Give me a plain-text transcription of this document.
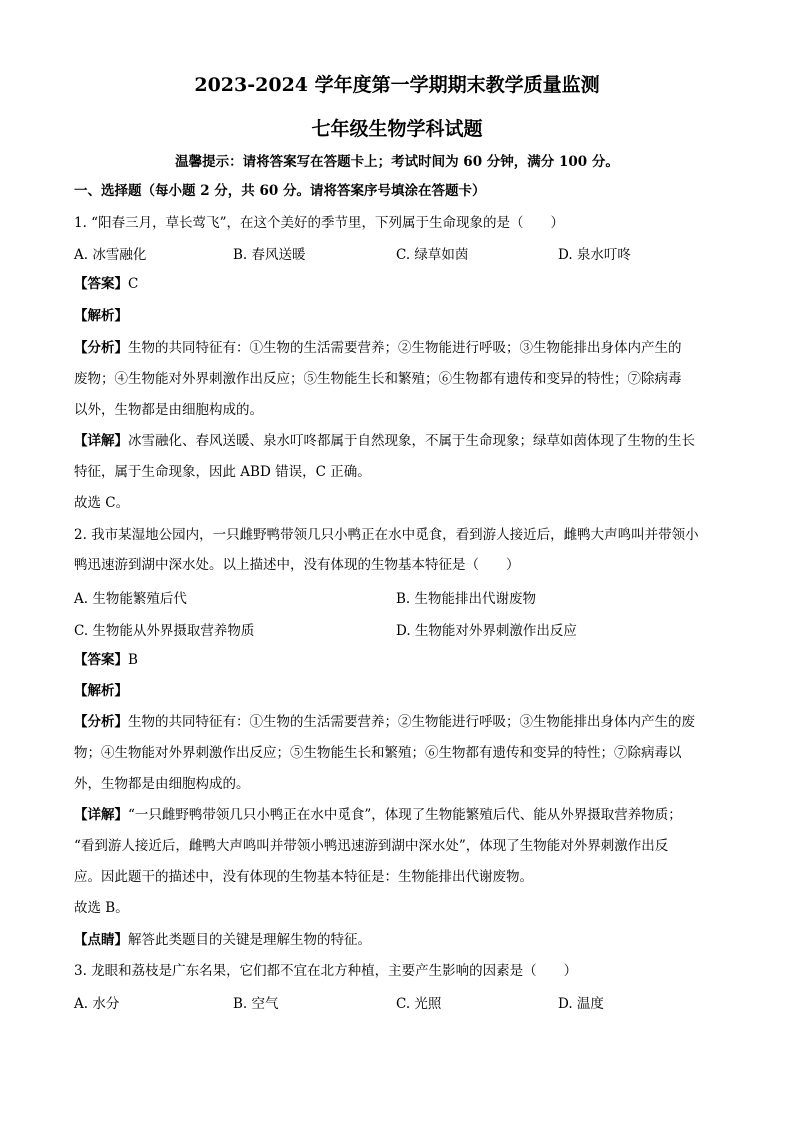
2023-2024 学年度第一学期期末教学质量监测
七年级生物学科试题
温馨提示：请将答案写在答题卡上；考试时间为 60 分钟，满分 100 分。
一、选择题（每小题 2 分，共 60 分。请将答案序号填涂在答题卡）
1. “阳春三月，草长莺飞”，在这个美好的季节里，下列属于生命现象的是（　　）
A. 冰雪融化	B. 春风送暖	C. 绿草如茵	D. 泉水叮咚
【答案】C
【解析】
【分析】生物的共同特征有：①生物的生活需要营养；②生物能进行呼吸；③生物能排出身体内产生的
废物；④生物能对外界刺激作出反应；⑤生物能生长和繁殖；⑥生物都有遗传和变异的特性；⑦除病毒
以外，生物都是由细胞构成的。
【详解】冰雪融化、春风送暖、泉水叮咚都属于自然现象，不属于生命现象；绿草如茵体现了生物的生长
特征，属于生命现象，因此 ABD 错误，C 正确。
故选 C。
2. 我市某湿地公园内，一只雌野鸭带领几只小鸭正在水中觅食，看到游人接近后，雌鸭大声鸣叫并带领小
鸭迅速游到湖中深水处。以上描述中，没有体现的生物基本特征是（　　）
A. 生物能繁殖后代	B. 生物能排出代谢废物
C. 生物能从外界摄取营养物质	D. 生物能对外界刺激作出反应
【答案】B
【解析】
【分析】生物的共同特征有：①生物的生活需要营养；②生物能进行呼吸；③生物能排出身体内产生的废
物；④生物能对外界刺激作出反应；⑤生物能生长和繁殖；⑥生物都有遗传和变异的特性；⑦除病毒以
外，生物都是由细胞构成的。
【详解】“一只雌野鸭带领几只小鸭正在水中觅食”，体现了生物能繁殖后代、能从外界摄取营养物质；
“看到游人接近后，雌鸭大声鸣叫并带领小鸭迅速游到湖中深水处”，体现了生物能对外界刺激作出反
应。因此题干的描述中，没有体现的生物基本特征是：生物能排出代谢废物。
故选 B。
【点睛】解答此类题目的关键是理解生物的特征。
3. 龙眼和荔枝是广东名果，它们都不宜在北方种植，主要产生影响的因素是（　　）
A. 水分	B. 空气	C. 光照	D. 温度
